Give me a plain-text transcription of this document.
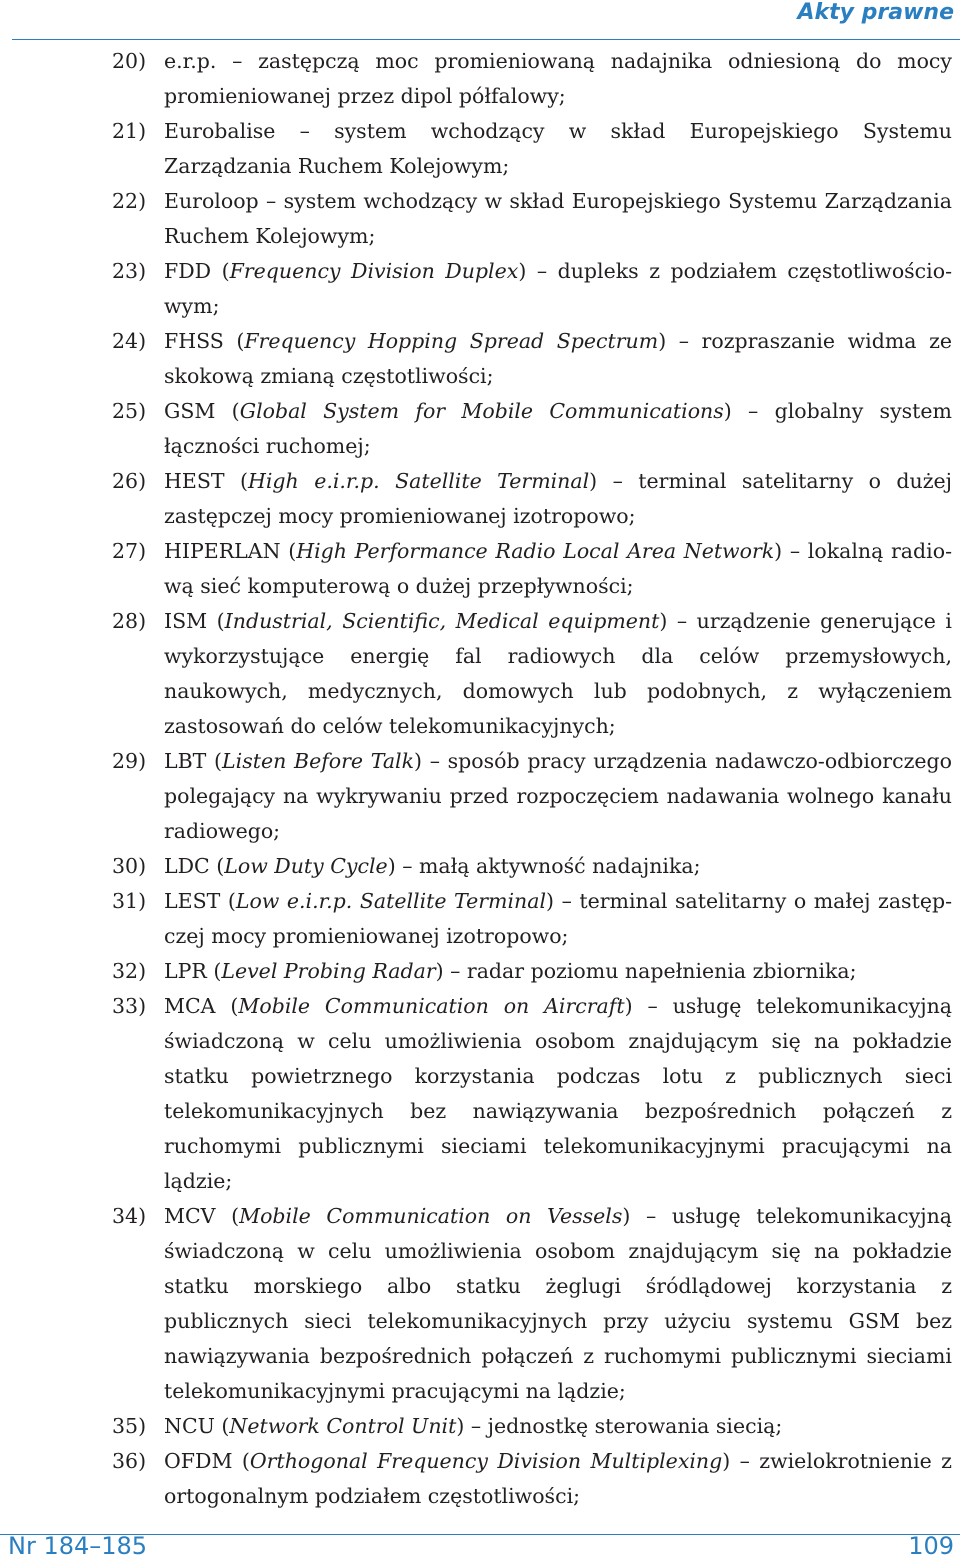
Akty prawne
20) e.r.p. – zastępczą moc promieniowaną nadajnika odniesioną do mocy promieniowanej przez dipol półfalowy;
21) Eurobalise – system wchodzący w skład Europejskiego Systemu Zarządzania Ruchem Kolejowym;
22) Euroloop – system wchodzący w skład Europejskiego Systemu Zarządzania Ruchem Kolejowym;
23) FDD (Frequency Division Duplex) – dupleks z podziałem częstotliwościowym;
24) FHSS (Frequency Hopping Spread Spectrum) – rozpraszanie widma ze skokową zmianą częstotliwości;
25) GSM (Global System for Mobile Communications) – globalny system łączności ruchomej;
26) HEST (High e.i.r.p. Satellite Terminal) – terminal satelitarny o dużej zastępczej mocy promieniowanej izotropowo;
27) HIPERLAN (High Performance Radio Local Area Network) – lokalną radiową sieć komputerową o dużej przepływności;
28) ISM (Industrial, Scientific, Medical equipment) – urządzenie generujące i wykorzystujące energię fal radiowych dla celów przemysłowych, naukowych, medycznych, domowych lub podobnych, z wyłączeniem zastosowań do celów telekomunikacyjnych;
29) LBT (Listen Before Talk) – sposób pracy urządzenia nadawczo-odbiorczego polegający na wykrywaniu przed rozpoczęciem nadawania wolnego kanału radiowego;
30) LDC (Low Duty Cycle) – małą aktywność nadajnika;
31) LEST (Low e.i.r.p. Satellite Terminal) – terminal satelitarny o małej zastępczej mocy promieniowanej izotropowo;
32) LPR (Level Probing Radar) – radar poziomu napełnienia zbiornika;
33) MCA (Mobile Communication on Aircraft) – usługę telekomunikacyjną świadczoną w celu umożliwienia osobom znajdującym się na pokładzie statku powietrznego korzystania podczas lotu z publicznych sieci telekomunikacyjnych bez nawiązywania bezpośrednich połączeń z ruchomymi publicznymi sieciami telekomunikacyjnymi pracującymi na lądzie;
34) MCV (Mobile Communication on Vessels) – usługę telekomunikacyjną świadczoną w celu umożliwienia osobom znajdującym się na pokładzie statku morskiego albo statku żeglugi śródlądowej korzystania z publicznych sieci telekomunikacyjnych przy użyciu systemu GSM bez nawiązywania bezpośrednich połączeń z ruchomymi publicznymi sieciami telekomunikacyjnymi pracującymi na lądzie;
35) NCU (Network Control Unit) – jednostkę sterowania siecią;
36) OFDM (Orthogonal Frequency Division Multiplexing) – zwielokrotnienie z ortogonalnym podziałem częstotliwości;
Nr 184–185	109
